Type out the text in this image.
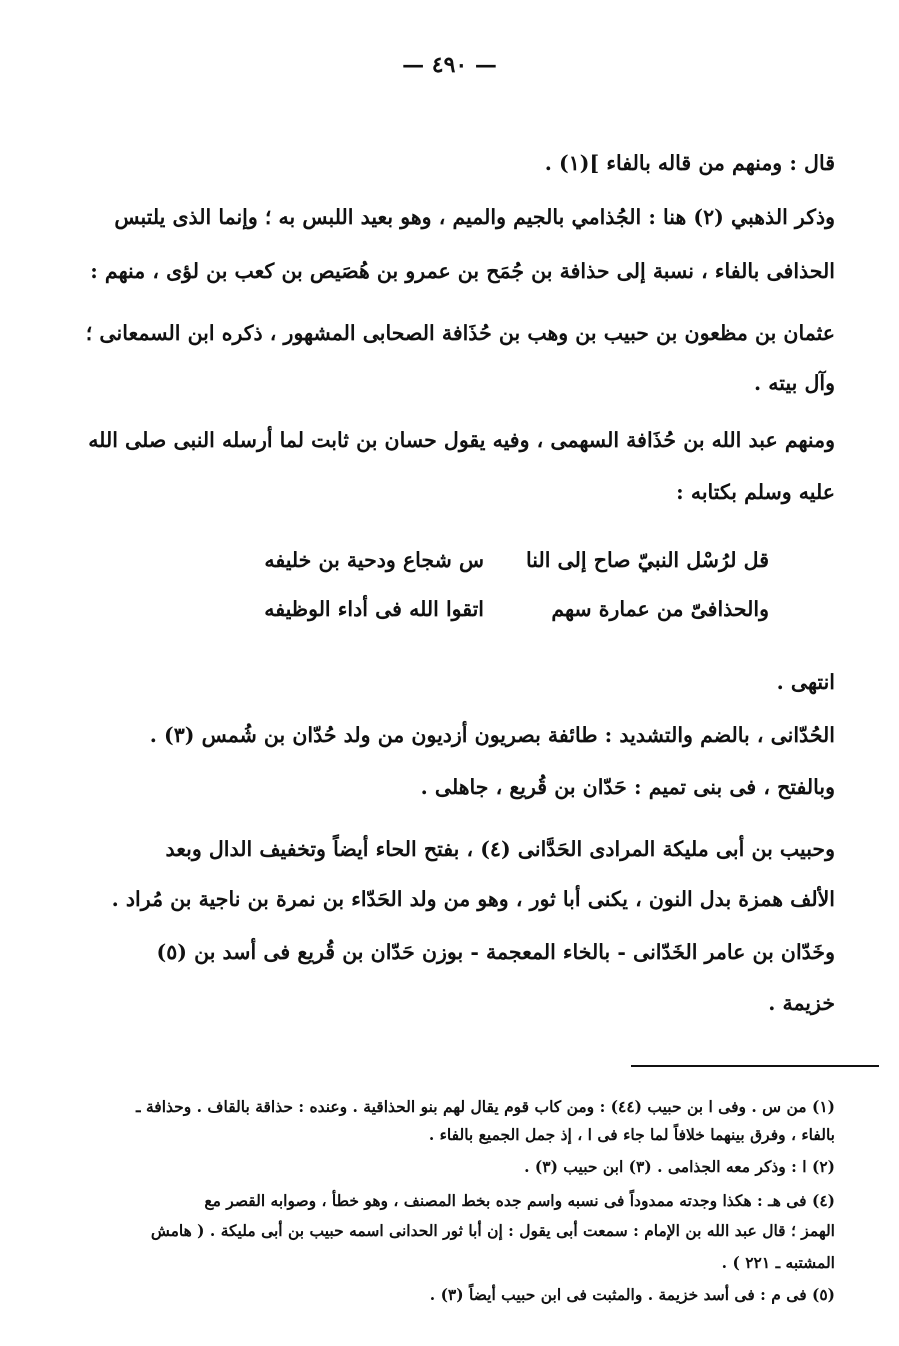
— ٤٩٠ —
قال : ومنهم من قاله بالفاء ](١) .
وذكر الذهبي (٢) هنا : الجُذامي بالجيم والميم ، وهو بعيد اللبس به ؛ وإنما الذى يلتبس
الحذافى بالفاء ، نسبة إلى حذافة بن جُمَح بن عمرو بن هُصَيص بن كعب بن لؤى ، منهم :
عثمان بن مظعون بن حبيب بن وهب بن حُذَافة الصحابى المشهور ، ذكره ابن السمعانى ؛
وآل بيته .
ومنهم عبد الله بن حُذَافة السهمى ، وفيه يقول حسان بن ثابت لما أرسله النبى صلى الله
عليه وسلم بكتابه :
قل لرُسْل النبيّ صاح إلى النا
س شجاع ودحية بن خليفه
والحذافىّ من عمارة سهم
اتقوا الله فى أداء الوظيفه
انتهى .
الحُدّانى ، بالضم والتشديد : طائفة بصريون أزديون من ولد حُدّان بن شُمس (٣) .
وبالفتح ، فى بنى تميم : حَدّان بن قُريع ، جاهلى .
وحبيب بن أبى مليكة المرادى الحَدَّانى (٤) ، بفتح الحاء أيضاً وتخفيف الدال وبعد
الألف همزة بدل النون ، يكنى أبا ثور ، وهو من ولد الحَدّاء بن نمرة بن ناجية بن مُراد .
وخَدّان بن عامر الخَدّانى - بالخاء المعجمة - بوزن حَدّان بن قُريع فى أسد بن (٥)
خزيمة .
(١) من س . وفى ا بن حبيب (٤٤) : ومن كاب قوم يقال لهم بنو الحذاقية . وعنده : حذاقة بالقاف . وحذافة ـ
بالفاء ، وفرق بينهما خلافاً لما جاء فى ا ، إذ جمل الجميع بالفاء .
(٢) ا : وذكر معه الجذامى . (٣) ابن حبيب (٣) .
(٤) فى هـ : هكذا وجدته ممدوداً فى نسبه واسم جده بخط المصنف ، وهو خطأ ، وصوابه القصر مع
الهمز ؛ قال عبد الله بن الإمام : سمعت أبى يقول : إن أبا ثور الحدانى اسمه حبيب بن أبى مليكة . ( هامش
المشتبه ـ ٢٢١ ) .
(٥) فى م : فى أسد خزيمة . والمثبت فى ابن حبيب أيضاً (٣) .
